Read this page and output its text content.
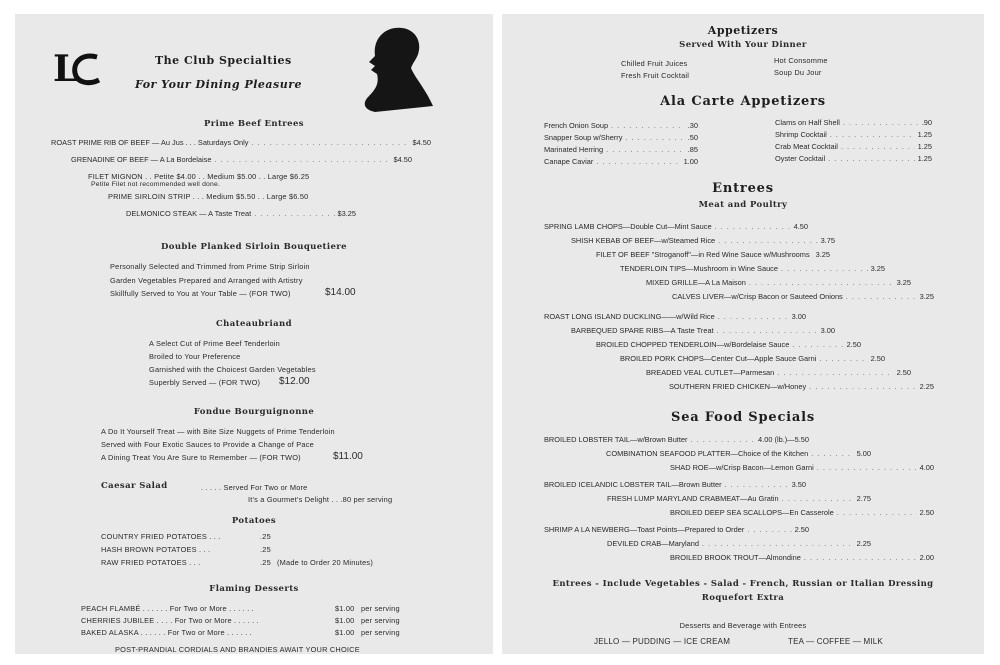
L	The Club Specialties
For Your Dining Pleasure
Prime Beef Entrees
ROAST PRIME RIB OF BEEF — Au Jus . . . Saturdays Only . . .	$4.50
GRENADINE OF BEEF — A La Bordelaise . . .	$4.50
FILET MIGNON . . Petite $4.00 . . Medium $5.00 . . Large $6.25
Petite Filet not recommended well done.
PRIME SIRLOIN STRIP . . . Medium $5.50 . . Large $6.50
DELMONICO STEAK — A Taste Treat . . .	$3.25
Double Planked Sirloin Bouquetiere
Personally Selected and Trimmed from Prime Strip Sirloin
Garden Vegetables Prepared and Arranged with Artistry
Skillfully Served to You at Your Table — (FOR TWO)	$14.00
Chateaubriand
A Select Cut of Prime Beef Tenderloin
Broiled to Your Preference
Garnished with the Choicest Garden Vegetables
Superbly Served — (FOR TWO) $12.00
Fondue Bourguignonne
A Do It Yourself Treat — with Bite Size Nuggets of Prime Tenderloin
Served with Four Exotic Sauces to Provide a Change of Pace
A Dining Treat You Are Sure to Remember — (FOR TWO)	$11.00
Caesar Salad	. . . . . Served For Two or More
It's a Gourmet's Delight . . .80 per serving
Potatoes
COUNTRY FRIED POTATOES . . .	.25
HASH BROWN POTATOES . . .	.25
RAW FRIED POTATOES . . .	.25 (Made to Order 20 Minutes)
Flaming Desserts
PEACH FLAMBÉ . . . . . . For Two or More . . . . . .	$1.00 per serving
CHERRIES JUBILEE . . . . For Two or More . . . . . .	$1.00 per serving
BAKED ALASKA . . . . . . For Two or More . . . . . .	$1.00 per serving
POST-PRANDIAL CORDIALS AND BRANDIES AWAIT YOUR CHOICE
Appetizers
Served With Your Dinner
Chilled Fruit Juices
Fresh Fruit Cocktail
Hot Consomme
Soup Du Jour
Ala Carte Appetizers
French Onion Soup . . .	.30
Snapper Soup w/Sherry . . .	.50
Marinated Herring . . .	.85
Canape Caviar . . .	1.00
Clams on Half Shell . . .	.90
Shrimp Cocktail . . .	1.25
Crab Meat Cocktail . . .	1.25
Oyster Cocktail . . .	1.25
Entrees
Meat and Poultry
SPRING LAMB CHOPS—Double Cut—Mint Sauce . . .	4.50
SHISH KEBAB OF BEEF—w/Steamed Rice . . .	3.75
FILET OF BEEF "Stroganoff"—in Red Wine Sauce w/Mushrooms 3.25
TENDERLOIN TIPS—Mushroom in Wine Sauce . . .	3.25
MIXED GRILLE—A La Maison . . .	3.25
CALVES LIVER—w/Crisp Bacon or Sauteed Onions . . .	3.25
ROAST LONG ISLAND DUCKLING——w/Wild Rice . . .	3.00
BARBEQUED SPARE RIBS—A Taste Treat . . .	3.00
BROILED CHOPPED TENDERLOIN—w/Bordelaise Sauce . . .	2.50
BROILED PORK CHOPS—Center Cut—Apple Sauce Garni . . .	2.50
BREADED VEAL CUTLET—Parmesan . . .	2.50
SOUTHERN FRIED CHICKEN—w/Honey . . .	2.25
Sea Food Specials
BROILED LOBSTER TAIL—w/Brown Butter . . .	4.00 (lb.)—5.50
COMBINATION SEAFOOD PLATTER—Choice of the Kitchen . . .	5.00
SHAD ROE—w/Crisp Bacon—Lemon Garni . . .	4.00
BROILED ICELANDIC LOBSTER TAIL—Brown Butter . . .	3.50
FRESH LUMP MARYLAND CRABMEAT—Au Gratin . . .	2.75
BROILED DEEP SEA SCALLOPS—En Casserole . . .	2.50
SHRIMP A LA NEWBERG—Toast Points—Prepared to Order . . .	2.50
DEVILED CRAB—Maryland . . .	2.25
BROILED BROOK TROUT—Almondine . . .	2.00
Entrees - Include Vegetables - Salad - French, Russian or Italian Dressing
Roquefort Extra
Desserts and Beverage with Entrees
JELLO — PUDDING — ICE CREAM	TEA — COFFEE — MILK
